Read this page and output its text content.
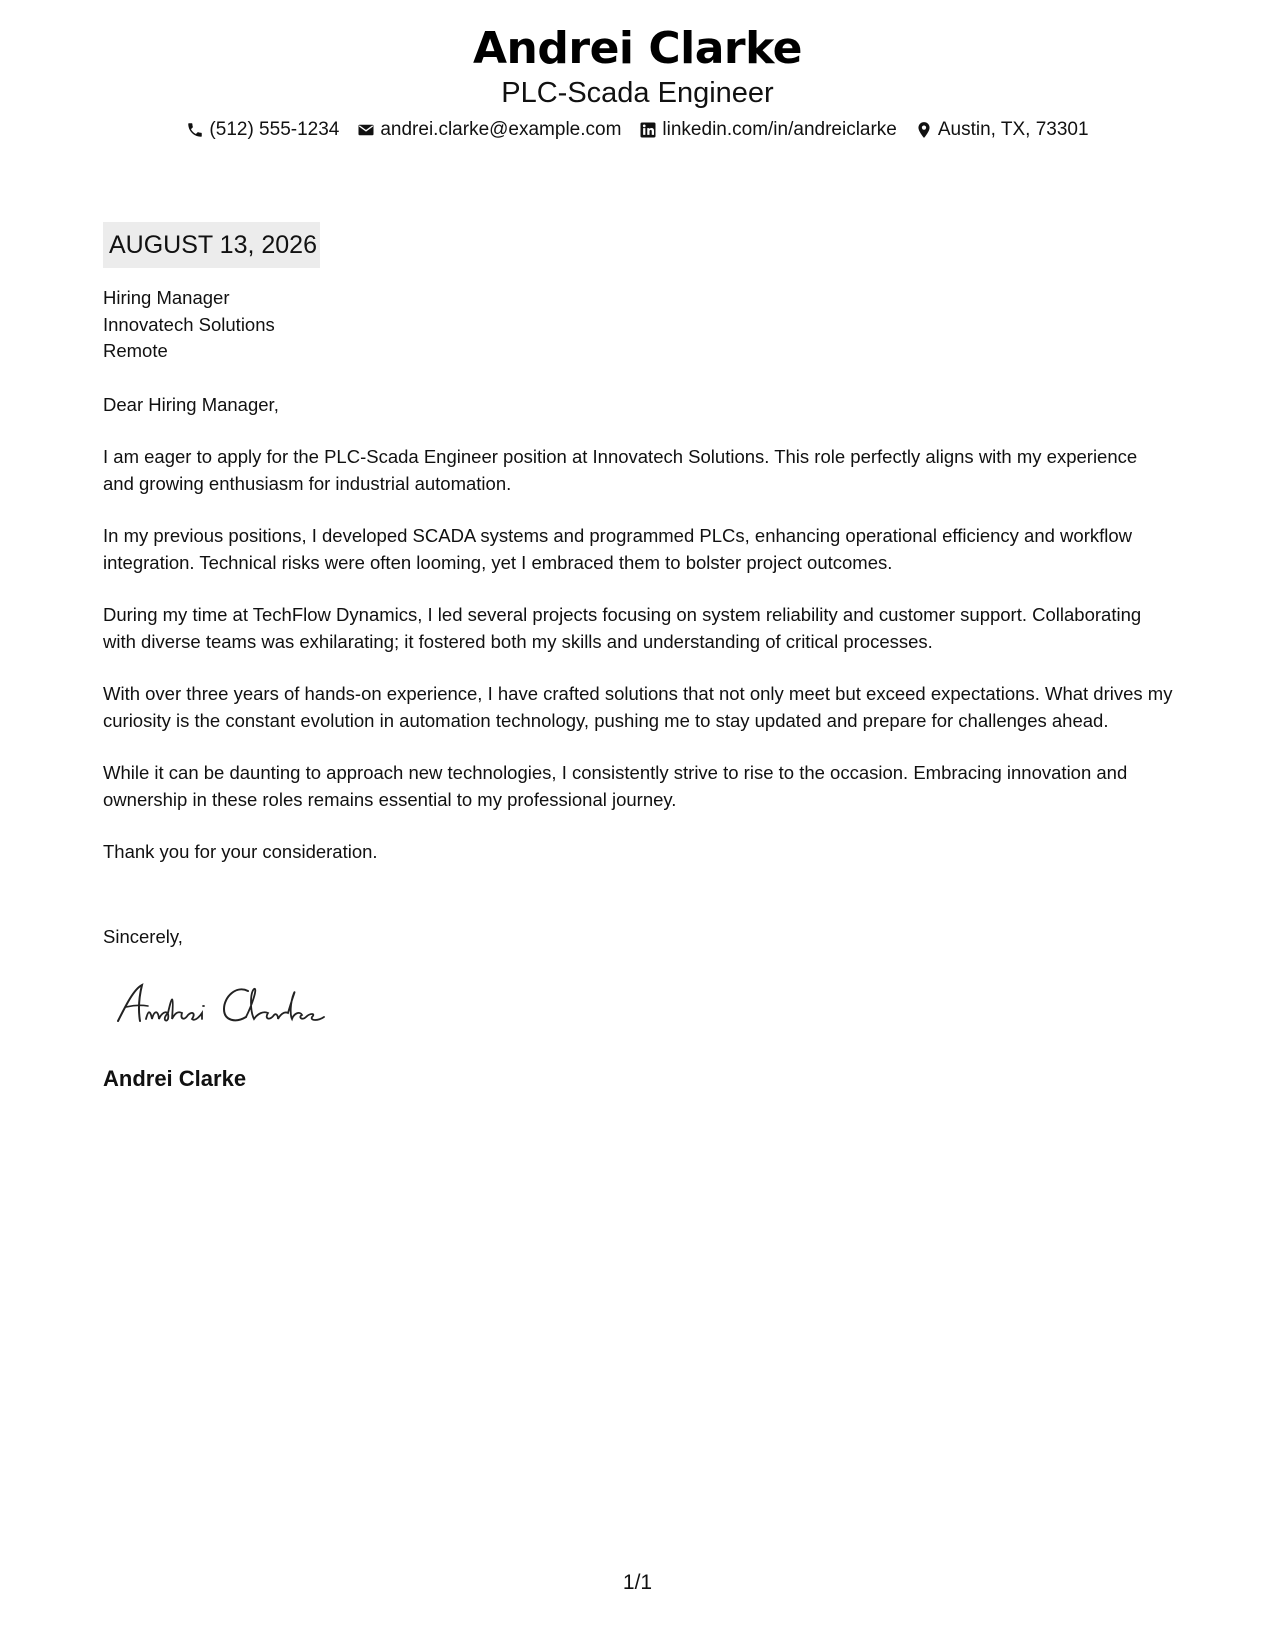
Andrei Clarke
PLC-Scada Engineer
(512) 555-1234 andrei.clarke@example.com linkedin.com/in/andreiclarke Austin, TX, 73301
AUGUST 13, 2026
Hiring Manager
Innovatech Solutions
Remote
Dear Hiring Manager,
I am eager to apply for the PLC-Scada Engineer position at Innovatech Solutions. This role perfectly aligns with my experience and growing enthusiasm for industrial automation.
In my previous positions, I developed SCADA systems and programmed PLCs, enhancing operational efficiency and workflow integration. Technical risks were often looming, yet I embraced them to bolster project outcomes.
During my time at TechFlow Dynamics, I led several projects focusing on system reliability and customer support. Collaborating with diverse teams was exhilarating; it fostered both my skills and understanding of critical processes.
With over three years of hands-on experience, I have crafted solutions that not only meet but exceed expectations. What drives my curiosity is the constant evolution in automation technology, pushing me to stay updated and prepare for challenges ahead.
While it can be daunting to approach new technologies, I consistently strive to rise to the occasion. Embracing innovation and ownership in these roles remains essential to my professional journey.
Thank you for your consideration.
Sincerely,
Andrei Clarke
1/1
